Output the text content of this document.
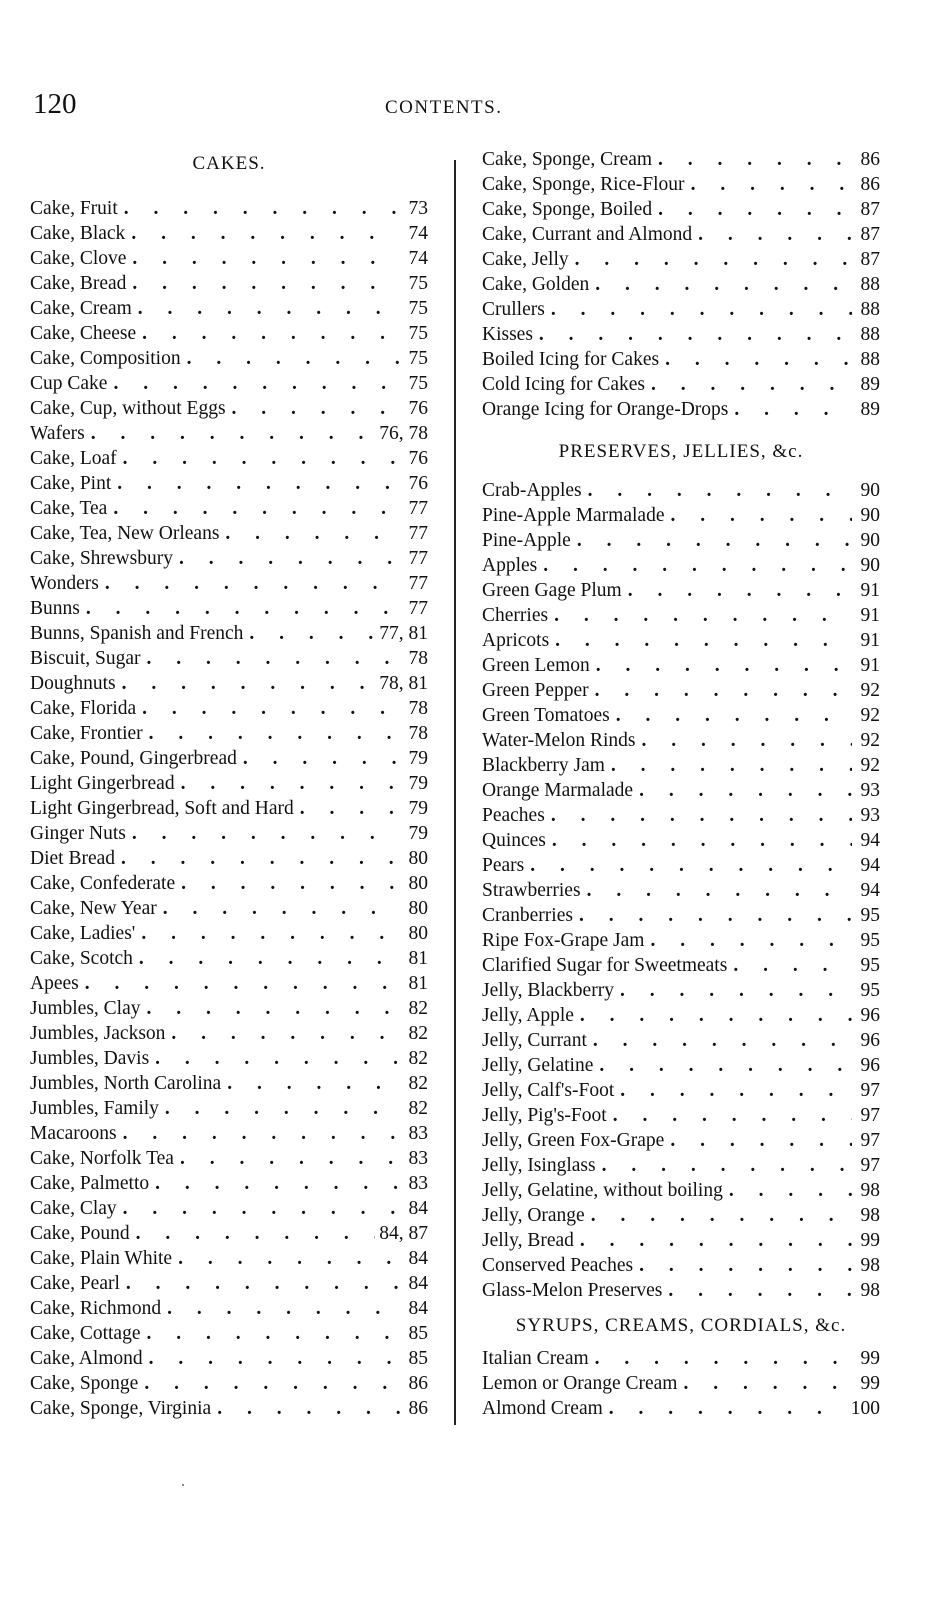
120	CONTENTS.
CAKES.
Cake, Fruit . . .	73
Cake, Black . . .	74
Cake, Clove . . .	74
Cake, Bread . . .	75
Cake, Cream . . .	75
Cake, Cheese . . .	75
Cake, Composition . . .	75
Cup Cake . . .	75
Cake, Cup, without Eggs . . .	76
Wafers . . .	76, 78
Cake, Loaf . . .	76
Cake, Pint . . .	76
Cake, Tea . . .	77
Cake, Tea, New Orleans . . .	77
Cake, Shrewsbury . . .	77
Wonders . . .	77
Bunns . . .	77
Bunns, Spanish and French . . .	77, 81
Biscuit, Sugar . . .	78
Doughnuts . . .	78, 81
Cake, Florida . . .	78
Cake, Frontier . . .	78
Cake, Pound, Gingerbread . . .	79
Light Gingerbread . . .	79
Light Gingerbread, Soft and Hard . . .	79
Ginger Nuts . . .	79
Diet Bread . . .	80
Cake, Confederate . . .	80
Cake, New Year . . .	80
Cake, Ladies' . . .	80
Cake, Scotch . . .	81
Apees . . .	81
Jumbles, Clay . . .	82
Jumbles, Jackson . . .	82
Jumbles, Davis . . .	82
Jumbles, North Carolina . . .	82
Jumbles, Family . . .	82
Macaroons . . .	83
Cake, Norfolk Tea . . .	83
Cake, Palmetto . . .	83
Cake, Clay . . .	84
Cake, Pound . . .	84, 87
Cake, Plain White . . .	84
Cake, Pearl . . .	84
Cake, Richmond . . .	84
Cake, Cottage . . .	85
Cake, Almond . . .	85
Cake, Sponge . . .	86
Cake, Sponge, Virginia . . .	86
Cake, Sponge, Cream . . .	86
Cake, Sponge, Rice-Flour . . .	86
Cake, Sponge, Boiled . . .	87
Cake, Currant and Almond . . .	87
Cake, Jelly . . .	87
Cake, Golden . . .	88
Crullers . . .	88
Kisses . . .	88
Boiled Icing for Cakes . . .	88
Cold Icing for Cakes . . .	89
Orange Icing for Orange-Drops . . .	89
PRESERVES, JELLIES, &c.
Crab-Apples . . .	90
Pine-Apple Marmalade . . .	90
Pine-Apple . . .	90
Apples . . .	90
Green Gage Plum . . .	91
Cherries . . .	91
Apricots . . .	91
Green Lemon . . .	91
Green Pepper . . .	92
Green Tomatoes . . .	92
Water-Melon Rinds . . .	92
Blackberry Jam . . .	92
Orange Marmalade . . .	93
Peaches . . .	93
Quinces . . .	94
Pears . . .	94
Strawberries . . .	94
Cranberries . . .	95
Ripe Fox-Grape Jam . . .	95
Clarified Sugar for Sweetmeats . . .	95
Jelly, Blackberry . . .	95
Jelly, Apple . . .	96
Jelly, Currant . . .	96
Jelly, Gelatine . . .	96
Jelly, Calf's-Foot . . .	97
Jelly, Pig's-Foot . . .	97
Jelly, Green Fox-Grape . . .	97
Jelly, Isinglass . . .	97
Jelly, Gelatine, without boiling . . .	98
Jelly, Orange . . .	98
Jelly, Bread . . .	99
Conserved Peaches . . .	98
Glass-Melon Preserves . . .	98
SYRUPS, CREAMS, CORDIALS, &c.
Italian Cream . . .	99
Lemon or Orange Cream . . .	99
Almond Cream . . .	100
